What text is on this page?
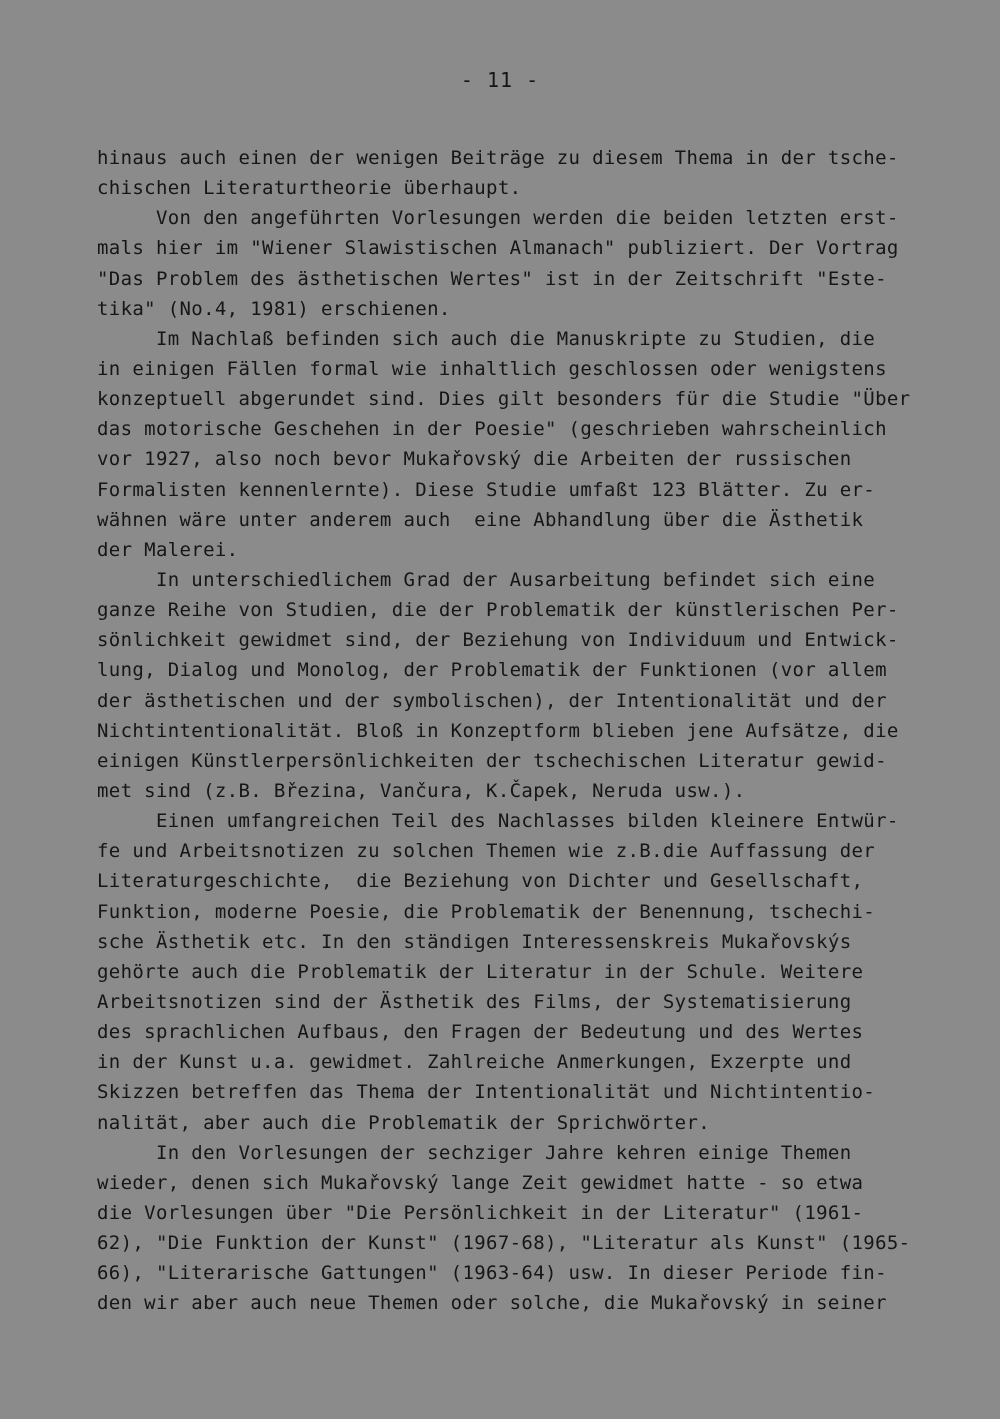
- 11 -
hinaus auch einen der wenigen Beiträge zu diesem Thema in der tsche-
chischen Literaturtheorie überhaupt.
Von den angeführten Vorlesungen werden die beiden letzten erst-
mals hier im "Wiener Slawistischen Almanach" publiziert. Der Vortrag
"Das Problem des ästhetischen Wertes" ist in der Zeitschrift "Este-
tika" (No.4, 1981) erschienen.
Im Nachlaß befinden sich auch die Manuskripte zu Studien, die
in einigen Fällen formal wie inhaltlich geschlossen oder wenigstens
konzeptuell abgerundet sind. Dies gilt besonders für die Studie "Über
das motorische Geschehen in der Poesie" (geschrieben wahrscheinlich
vor 1927, also noch bevor Mukařovský die Arbeiten der russischen
Formalisten kennenlernte). Diese Studie umfaßt 123 Blätter. Zu er-
wähnen wäre unter anderem auch  eine Abhandlung über die Ästhetik
der Malerei.
In unterschiedlichem Grad der Ausarbeitung befindet sich eine
ganze Reihe von Studien, die der Problematik der künstlerischen Per-
sönlichkeit gewidmet sind, der Beziehung von Individuum und Entwick-
lung, Dialog und Monolog, der Problematik der Funktionen (vor allem
der ästhetischen und der symbolischen), der Intentionalität und der
Nichtintentionalität. Bloß in Konzeptform blieben jene Aufsätze, die
einigen Künstlerpersönlichkeiten der tschechischen Literatur gewid-
met sind (z.B. Březina, Vančura, K.Čapek, Neruda usw.).
Einen umfangreichen Teil des Nachlasses bilden kleinere Entwür-
fe und Arbeitsnotizen zu solchen Themen wie z.B.die Auffassung der
Literaturgeschichte,  die Beziehung von Dichter und Gesellschaft,
Funktion, moderne Poesie, die Problematik der Benennung, tschechi-
sche Ästhetik etc. In den ständigen Interessenskreis Mukařovskýs
gehörte auch die Problematik der Literatur in der Schule. Weitere
Arbeitsnotizen sind der Ästhetik des Films, der Systematisierung
des sprachlichen Aufbaus, den Fragen der Bedeutung und des Wertes
in der Kunst u.a. gewidmet. Zahlreiche Anmerkungen, Exzerpte und
Skizzen betreffen das Thema der Intentionalität und Nichtintentio-
nalität, aber auch die Problematik der Sprichwörter.
In den Vorlesungen der sechziger Jahre kehren einige Themen
wieder, denen sich Mukařovský lange Zeit gewidmet hatte - so etwa
die Vorlesungen über "Die Persönlichkeit in der Literatur" (1961-
62), "Die Funktion der Kunst" (1967-68), "Literatur als Kunst" (1965-
66), "Literarische Gattungen" (1963-64) usw. In dieser Periode fin-
den wir aber auch neue Themen oder solche, die Mukařovský in seiner
